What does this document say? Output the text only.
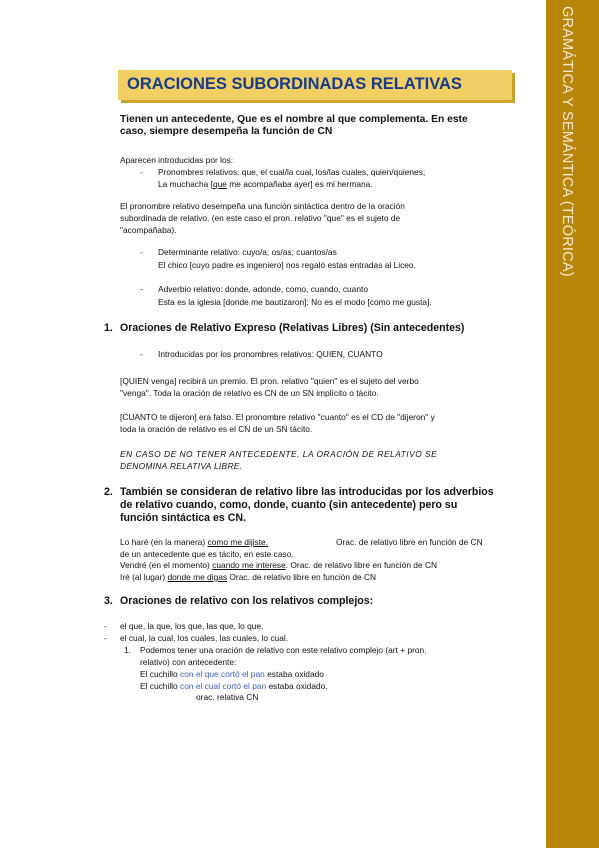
GRAMÁTICA Y SEMÁNTICA (TEÓRICA)
ORACIONES SUBORDINADAS RELATIVAS
Tienen un antecedente, Que es el nombre al que complementa. En este
caso, siempre desempeña la función de CN
Aparecen introducidas por los:
- Pronombres relativos: que, el cual/la cual, los/las cuales, quien/quienes;
La muchacha [que me acompañaba ayer] es mi hermana.
El pronombre relativo desempeña una función sintáctica dentro de la oración
subordinada de relativo. (en este caso el pron. relativo "que" es el sujeto de
"acompañaba).
- Determinante relativo: cuyo/a; os/as; cuantos/as
El chico [cuyo padre es ingeniero] nos regaló estas entradas al Liceo.
- Adverbio relativo: donde, adonde, como, cuando, cuanto
Esta es la iglesia [donde me bautizaron]; No es el modo [como me gusta].
1. Oraciones de Relativo Expreso (Relativas Libres) (Sin antecedentes)
- Introducidas por los pronombres relativos: QUIEN, CUANTO
[QUIEN venga] recibirá un premio. El pron. relativo "quien" es el sujeto del verbo
"venga". Toda la oración de relativo es CN de un SN implícito o tácito.
[CUANTO te dijeron] era falso. El pronombre relativo "cuanto" es el CD de "dijeron" y
toda la oración de relativo es el CN de un SN tácito.
EN CASO DE NO TENER ANTECEDENTE, LA ORACIÓN DE RELATIVO SE
DENOMINA RELATIVA LIBRE.
2. También se consideran de relativo libre las introducidas por los adverbios
de relativo cuando, como, donde, cuanto (sin antecedente) pero su
función sintáctica es CN.
Lo haré (en la manera) como me dijiste.	Orac. de relativo libre en función de CN
de un antecedente que es tácito, en este caso.
Vendré (en el momento) cuando me interese. Orac. de relativo libre en función de CN
Iré (al lugar) donde me digas Orac. de relativo libre en función de CN
3. Oraciones de relativo con los relativos complejos:
- el que, la que, los que, las que, lo que.
- el cual, la cual, los cuales, las cuales, lo cual.
1. Podemos tener una oración de relativo con este relativo complejo (art + pron.
relativo) con antecedente:
El cuchillo con el que cortó el pan estaba oxidado
El cuchillo con el cual cortó el pan estaba oxidado.
orac. relativa CN
